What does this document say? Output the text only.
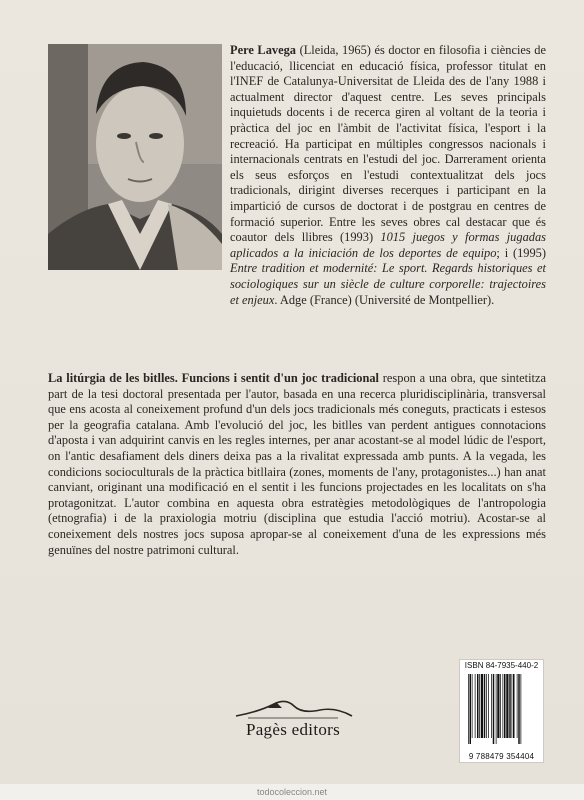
Pere Lavega (Lleida, 1965) és doctor en filosofia i ciències de l'educació, llicenciat en educació física, professor titulat en l'INEF de Catalunya-Universitat de Lleida des de l'any 1988 i actualment director d'aquest centre. Les seves principals inquietuds docents i de recerca giren al voltant de la teoria i pràctica del joc en l'àmbit de l'activitat física, l'esport i la recreació. Ha participat en múltiples congressos nacionals i internacionals centrats en l'estudi del joc. Darrerament orienta els seus esforços en l'estudi contextualitzat dels jocs tradicionals, dirigint diverses recerques i participant en la impartició de cursos de doctorat i de postgrau en centres de formació superior. Entre les seves obres cal destacar que és coautor dels llibres (1993) 1015 juegos y formas jugadas aplicados a la iniciación de los deportes de equipo; i (1995) Entre tradition et modernité: Le sport. Regards historiques et sociologiques sur un siècle de culture corporelle: trajectoires et enjeux. Adge (France) (Université de Montpellier).
La litúrgia de les bitlles. Funcions i sentit d'un joc tradicional respon a una obra, que sintetitza part de la tesi doctoral presentada per l'autor, basada en una recerca pluridisciplinària, transversal que ens acosta al coneixement profund d'un dels jocs tradicionals més coneguts, practicats i estesos per la geografia catalana. Amb l'evolució del joc, les bitlles van perdent antigues connotacions d'aposta i van adquirint canvis en les regles internes, per anar acostant-se al model lúdic de l'esport, on l'antic desafiament dels diners deixa pas a la rivalitat expressada amb punts. A la vegada, les condicions socioculturals de la pràctica bitllaira (zones, moments de l'any, protagonistes...) han anat canviant, originant una modificació en el sentit i les funcions projectades en les localitats on s'ha protagonitzat. L'autor combina en aquesta obra estratègies metodològiques de l'antropologia (etnografia) i de la praxiologia motriu (disciplina que estudia l'acció motriu). Acostar-se al coneixement dels nostres jocs suposa apropar-se al coneixement d'una de les expressions més genuïnes del nostre patrimoni cultural.
ISBN 84-7935-440-2
9 788479 354404
Pagès editors
todocoleccion.net
